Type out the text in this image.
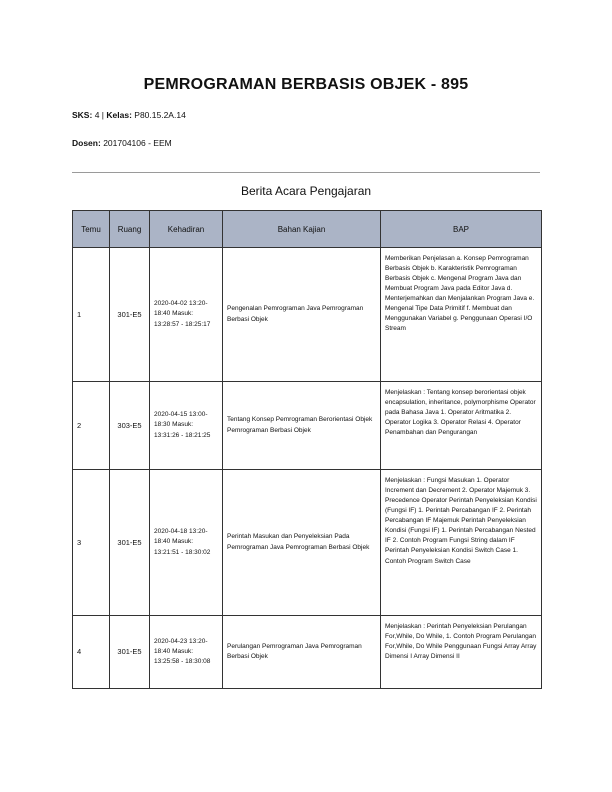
PEMROGRAMAN BERBASIS OBJEK - 895
SKS: 4 | Kelas: P80.15.2A.14
Dosen: 201704106 - EEM
Berita Acara Pengajaran
Temu	Ruang	Kehadiran	Bahan Kajian	BAP
1	301-E5	2020-04-02 13:20-18:40 Masuk: 13:28:57 - 18:25:17	Pengenalan Pemrograman Java Pemrograman Berbasi Objek	Memberikan Penjelasan a. Konsep Pemrograman Berbasis Objek b. Karakteristik Pemrograman Berbasis Objek c. Mengenal Program Java dan Membuat Program Java pada Editor Java d. Menterjemahkan dan Menjalankan Program Java e. Mengenal Tipe Data Primitif f. Membuat dan Menggunakan Variabel g. Penggunaan Operasi I/O Stream
2	303-E5	2020-04-15 13:00-18:30 Masuk: 13:31:26 - 18:21:25	Tentang Konsep Pemrograman Berorientasi Objek Pemrograman Berbasi Objek	Menjelaskan : Tentang konsep berorientasi objek encapsulation, inheritance, polymorphisme Operator pada Bahasa Java 1. Operator Aritmatika 2. Operator Logika 3. Operator Relasi 4. Operator Penambahan dan Pengurangan
3	301-E5	2020-04-18 13:20-18:40 Masuk: 13:21:51 - 18:30:02	Perintah Masukan dan Penyeleksian Pada Pemrograman Java Pemrograman Berbasi Objek	Menjelaskan : Fungsi Masukan 1. Operator Increment dan Decrement 2. Operator Majemuk 3. Precedence Operator Perintah Penyeleksian Kondisi (Fungsi IF) 1. Perintah Percabangan IF 2. Perintah Percabangan IF Majemuk Perintah Penyeleksian Kondisi (Fungsi IF) 1. Perintah Percabangan Nested IF 2. Contoh Program Fungsi String dalam IF Perintah Penyeleksian Kondisi Switch Case 1. Contoh Program Switch Case
4	301-E5	2020-04-23 13:20-18:40 Masuk: 13:25:58 - 18:30:08	Perulangan Pemrograman Java Pemrograman Berbasi Objek	Menjelaskan : Perintah Penyeleksian Perulangan For,While, Do While, 1. Contoh Program Perulangan For,While, Do While Penggunaan Fungsi Array Array Dimensi I Array Dimensi II
